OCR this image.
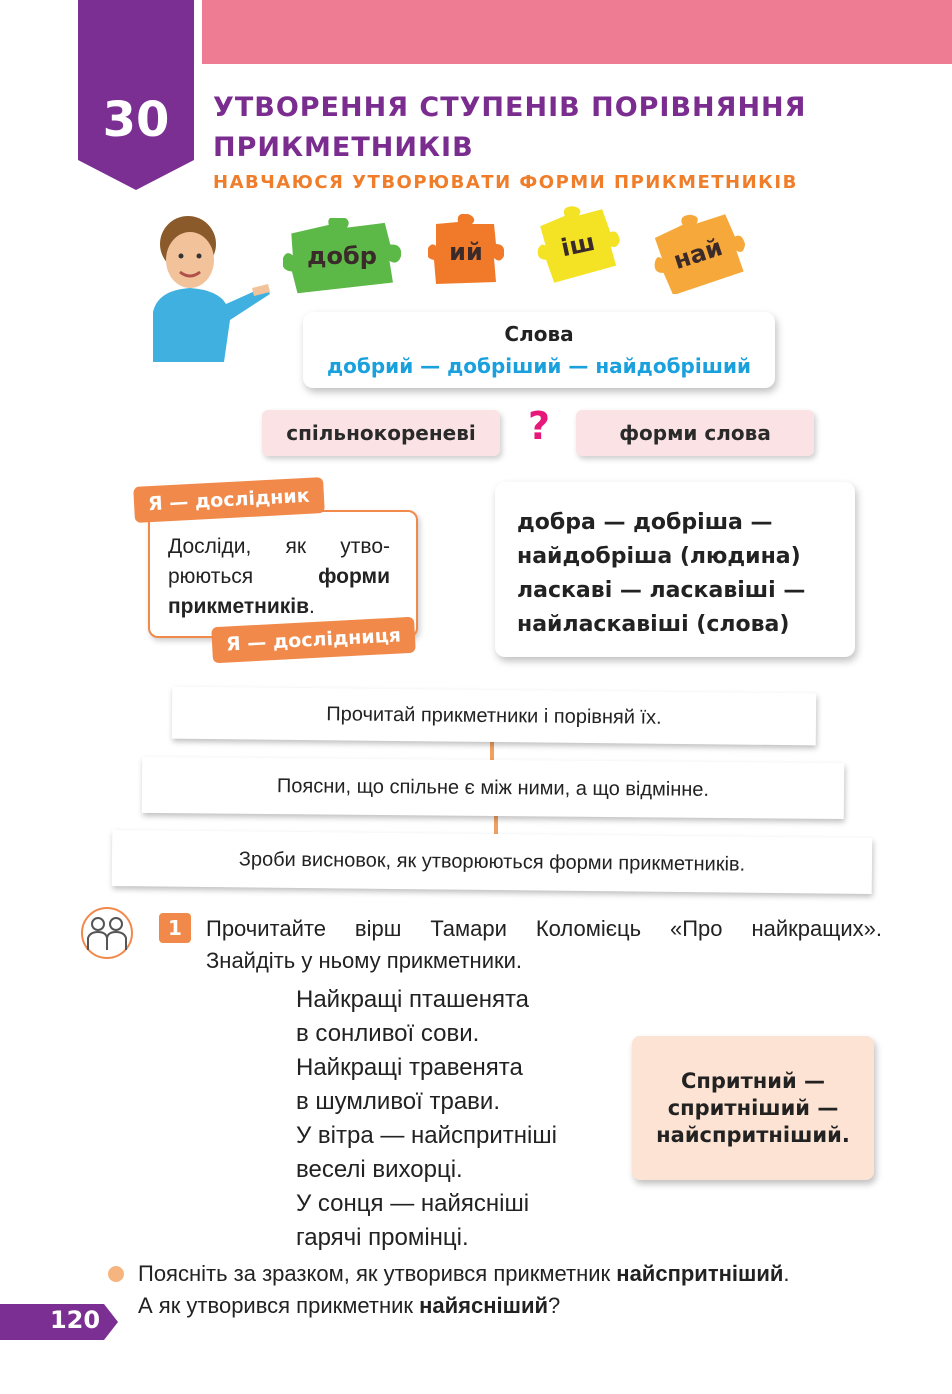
30	УТВОРЕННЯ СТУПЕНІВ ПОРІВНЯННЯ
ПРИКМЕТНИКІВ
НАВЧАЮСЯ УТВОРЮВАТИ ФОРМИ ПРИКМЕТНИКІВ
добр	ий	іш	най
Слова
добрий — добріший — найдобріший
спільнокореневі	?	форми слова
Досліди, як утво-рюються форми прикметників.
Я — дослідник
Я — дослідниця
добра — добріша —
найдобріша (людина)
ласкаві — ласкавіші —
найласкавіші (слова)
Прочитай прикметники і порівняй їх.
Поясни, що спільне є між ними, а що відмінне.
Зроби висновок, як утворюються форми прикметників.
1	Прочитайте вірш Тамари Коломієць «Про найкращих».
Знайдіть у ньому прикметники.
Найкращі пташенята
в сонливої сови.
Найкращі травенята
в шумливої трави.
У вітра — найспритніші
веселі вихорці.
У сонця — найясніші
гарячі промінці.
Спритний —
спритніший —
найспритніший.
Поясніть за зразком, як утворився прикметник найспритніший.
А як утворився прикметник найясніший?
120
